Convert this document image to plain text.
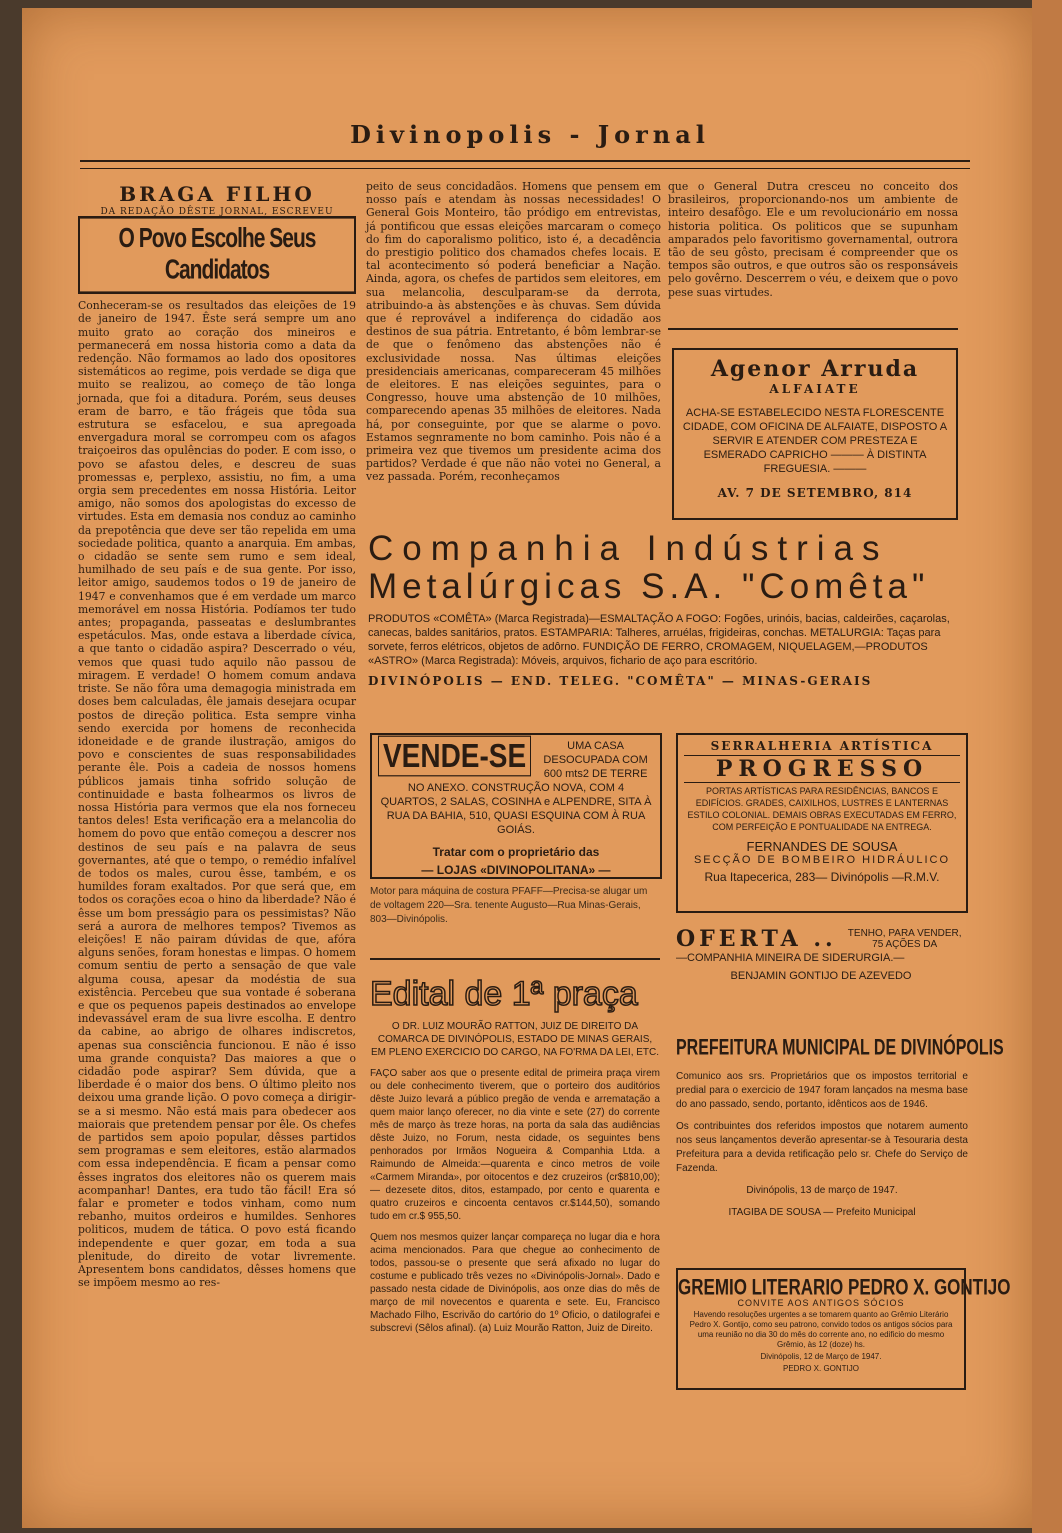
Divinopolis - Jornal
BRAGA FILHO
DA REDAÇÃO DÊSTE JORNAL, ESCREVEU
O Povo Escolhe Seus Candidatos

Conheceram-se os resultados das eleições de 19 de janeiro de 1947. Êste será sempre um ano muito grato ao coração dos mineiros e permanecerá em nossa historia como a data da redenção. Não formamos ao lado dos opositores sistemáticos ao regime, pois verdade se diga que muito se realizou, ao começo de tão longa jornada, que foi a ditadura. Porém, seus deuses eram de barro, e tão frágeis que tôda sua estrutura se esfacelou, e sua apregoada envergadura moral se corrompeu com os afagos traiçoeiros das opulências do poder. E com isso, o povo se afastou deles, e descreu de suas promessas e, perplexo, assistiu, no fim, a uma orgia sem precedentes em nossa História. Leitor amigo, não somos dos apologistas do excesso de virtudes. Esta em demasia nos conduz ao caminho da prepotência que deve ser tão repelida em uma sociedade politica, quanto a anarquia. Em ambas, o cidadão se sente sem rumo e sem ideal, humilhado de seu país e de sua gente. Por isso, leitor amigo, saudemos todos o 19 de janeiro de 1947 e convenhamos que é em verdade um marco memorável em nossa História. Podíamos ter tudo antes; propaganda, passeatas e deslumbrantes espetáculos. Mas, onde estava a liberdade cívica, a que tanto o cidadão aspira? Descerrado o véu, vemos que quasi tudo aquilo não passou de miragem. E verdade! O homem comum andava triste. Se não fôra uma demagogia ministrada em doses bem calculadas, êle jamais desejara ocupar postos de direção politica. Esta sempre vinha sendo exercida por homens de reconhecida idoneidade e de grande ilustração, amigos do povo e conscientes de suas responsabilidades perante êle. Pois a cadeia de nossos homens públicos jamais tinha sofrido solução de continuidade e basta folhearmos os livros de nossa História para vermos que ela nos forneceu tantos deles! Esta verificação era a melancolia do homem do povo que então começou a descrer nos destinos de seu país e na palavra de seus governantes, até que o tempo, o remédio infalível de todos os males, curou êsse, também, e os humildes foram exaltados. Por que será que, em todos os corações ecoa o hino da liberdade? Não é êsse um bom presságio para os pessimistas? Não será a aurora de melhores tempos? Tivemos as eleições! E não pairam dúvidas de que, afóra alguns senões, foram honestas e limpas. O homem comum sentiu de perto a sensação de que vale alguma cousa, apesar da modéstia de sua existência. Percebeu que sua vontade é soberana e que os pequenos papeis destinados ao envelope indevassável eram de sua livre escolha. E dentro da cabine, ao abrigo de olhares indiscretos, apenas sua consciência funcionou. E não é isso uma grande conquista? Das maiores a que o cidadão pode aspirar? Sem dúvida, que a liberdade é o maior dos bens. O último pleito nos deixou uma grande lição. O povo começa a dirigir-se a si mesmo. Não está mais para obedecer aos maiorais que pretendem pensar por êle. Os chefes de partidos sem apoio popular, dêsses partidos sem programas e sem eleitores, estão alarmados com essa independência. E ficam a pensar como êsses ingratos dos eleitores não os querem mais acompanhar! Dantes, era tudo tão fácil! Era só falar e prometer e todos vinham, como num rebanho, muitos ordeiros e humildes. Senhores politicos, mudem de tática. O povo está ficando independente e quer gozar, em toda a sua plenitude, do direito de votar livremente. Apresentem bons candidatos, dêsses homens que se impõem mesmo ao res-

peito de seus concidadãos. Homens que pensem em nosso país e atendam às nossas necessidades! O General Gois Monteiro, tão pródigo em entrevistas, já pontificou que essas eleições marcaram o começo do fim do caporalismo politico, isto é, a decadência do prestigio politico dos chamados chefes locais. E tal acontecimento só poderá beneficiar a Nação. Ainda, agora, os chefes de partidos sem eleitores, em sua melancolia, desculparam-se da derrota, atribuindo-a às abstenções e às chuvas. Sem dúvida que é reprovável a indiferença do cidadão aos destinos de sua pátria. Entretanto, é bôm lembrar-se de que o fenômeno das abstenções não é exclusividade nossa. Nas últimas eleições presidenciais americanas, compareceram 45 milhões de eleitores. E nas eleições seguintes, para o Congresso, houve uma abstenção de 10 milhões, comparecendo apenas 35 milhões de eleitores. Nada há, por conseguinte, por que se alarme o povo. Estamos segnramente no bom caminho. Pois não é a primeira vez que tivemos um presidente acima dos partidos? Verdade é que não não votei no General, a vez passada. Porém, reconheçamos

que o General Dutra cresceu no conceito dos brasileiros, proporcionando-nos um ambiente de inteiro desafôgo. Ele e um revolucionário em nossa historia politica. Os politicos que se supunham amparados pelo favoritismo governamental, outrora tão de seu gôsto, precisam é compreender que os tempos são outros, e que outros são os responsáveis pelo govêrno. Descerrem o véu, e deixem que o povo pese suas virtudes.

Agenor Arruda
ALFAIATE
ACHA-SE ESTABELECIDO NESTA FLORESCENTE CIDADE, COM OFICINA DE ALFAIATE, DISPOSTO A SERVIR E ATENDER COM PRESTEZA E ESMERADO CAPRICHO ——— À DISTINTA FREGUESIA. ———
AV. 7 DE SETEMBRO, 814
Companhia Indústrias
Metalúrgicas S.A. "Comêta"
PRODUTOS «COMÊTA» (Marca Registrada)—ESMALTAÇÃO A FOGO: Fogões, urinóis, bacias, caldeirões, caçarolas, canecas, baldes sanitários, pratos. ESTAMPARIA: Talheres, arruélas, frigideiras, conchas. METALURGIA: Taças para sorvete, ferros elétricos, objetos de adôrno. FUNDIÇÃO DE FERRO, CROMAGEM, NIQUELAGEM,—PRODUTOS «ASTRO» (Marca Registrada): Móveis, arquivos, fichario de aço para escritório.
DIVINÓPOLIS — END. TELEG. "COMÊTA" — MINAS-GERAIS
VENDE-SE	UMA CASA DESOCUPADA COM 600 mts2 DE TERRE NO ANEXO. CONSTRUÇÃO NOVA, COM 4 QUARTOS, 2 SALAS, COSINHA e ALPENDRE, SITA À RUA DA BAHIA, 510, QUASI ESQUINA COM À RUA GOIÁS.
Tratar com o proprietário das
— LOJAS «DIVINOPOLITANA» —
SERRALHERIA ARTÍSTICA
PROGRESSO
PORTAS ARTÍSTICAS PARA RESIDÊNCIAS, BANCOS E EDIFÍCIOS. GRADES, CAIXILHOS, LUSTRES E LANTERNAS ESTILO COLONIAL. DEMAIS OBRAS EXECUTADAS EM FERRO, COM PERFEIÇÃO E PONTUALIDADE NA ENTREGA.
FERNANDES DE SOUSA
SECÇÃO DE BOMBEIRO HIDRÁULICO
Rua Itapecerica, 283— Divinópolis —R.M.V.
Motor para máquina de costura PFAFF—Precisa-se alugar um de voltagem 220—Sra. tenente Augusto—Rua Minas-Gerais, 803—Divinópolis.
Edital de 1ª praça

O DR. LUIZ MOURÃO RATTON, JUIZ DE DIREITO DA COMARCA DE DIVINÓPOLIS, ESTADO DE MINAS GERAIS, EM PLENO EXERCICIO DO CARGO, NA FO'RMA DA LEI, ETC.

FAÇO saber aos que o presente edital de primeira praça virem ou dele conhecimento tiverem, que o porteiro dos auditórios dêste Juizo levará a público pregão de venda e arrematação a quem maior lanço oferecer, no dia vinte e sete (27) do corrente mês de março às treze horas, na porta da sala das audiências dêste Juizo, no Forum, nesta cidade, os seguintes bens penhorados por Irmãos Nogueira & Companhia Ltda. a Raimundo de Almeida:—quarenta e cinco metros de voile «Carmem Miranda», por oitocentos e dez cruzeiros (cr$810,00); — dezesete ditos, ditos, estampado, por cento e quarenta e quatro cruzeiros e cincoenta centavos cr.$144,50), somando tudo em cr.$ 955,50.

Quem nos mesmos quizer lançar compareça no lugar dia e hora acima mencionados. Para que chegue ao conhecimento de todos, passou-se o presente que será afixado no lugar do costume e publicado três vezes no «Divinópolis-Jornal». Dado e passado nesta cidade de Divinópolis, aos onze dias do mês de março de mil novecentos e quarenta e sete. Eu, Francisco Machado Filho, Escrivão do cartório do 1º Oficio, o datilografei e subscrevi (Sêlos afinal). (a) Luiz Mourão Ratton, Juiz de Direito.

OFERTA ..	TENHO, PARA VENDER, 75 AÇÕES DA
—COMPANHIA MINEIRA DE SIDERURGIA.—
BENJAMIN GONTIJO DE AZEVEDO
PREFEITURA MUNICIPAL DE DIVINÓPOLIS

Comunico aos srs. Proprietários que os impostos territorial e predial para o exercicio de 1947 foram lançados na mesma base do ano passado, sendo, portanto, idênticos aos de 1946.

Os contribuintes dos referidos impostos que notarem aumento nos seus lançamentos deverão apresentar-se à Tesouraria desta Prefeitura para a devida retificação pelo sr. Chefe do Serviço de Fazenda.

Divinópolis, 13 de março de 1947.

ITAGIBA DE SOUSA — Prefeito Municipal

GREMIO LITERARIO PEDRO X. GONTIJO
CONVITE AOS ANTIGOS SÓCIOS
Havendo resoluções urgentes a se tomarem quanto ao Grêmio Literário Pedro X. Gontijo, como seu patrono, convido todos os antigos sócios para uma reunião no dia 30 do mês do corrente ano, no edificio do mesmo Grêmio, às 12 (doze) hs.
Divinópolis, 12 de Março de 1947.
PEDRO X. GONTIJO
